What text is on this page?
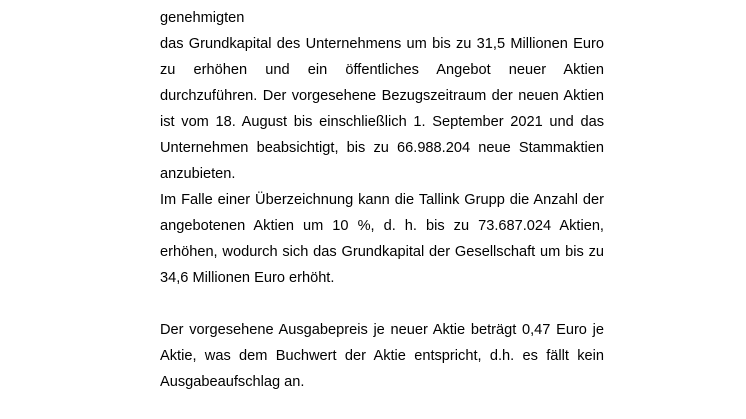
genehmigten
das Grundkapital des Unternehmens um bis zu 31,5 Millionen Euro
zu erhöhen und ein öffentliches Angebot neuer Aktien
durchzuführen. Der vorgesehene Bezugszeitraum der neuen Aktien
ist vom 18. August bis einschließlich 1. September 2021 und das
Unternehmen beabsichtigt, bis zu 66.988.204 neue Stammaktien
anzubieten.

Im Falle einer Überzeichnung kann die Tallink Grupp die Anzahl der
angebotenen Aktien um 10 %, d. h. bis zu 73.687.024 Aktien,
erhöhen, wodurch sich das Grundkapital der Gesellschaft um bis zu
34,6 Millionen Euro erhöht.

Der vorgesehene Ausgabepreis je neuer Aktie beträgt 0,47 Euro je
Aktie, was dem Buchwert der Aktie entspricht, d.h. es fällt kein
Ausgabeaufschlag an.
